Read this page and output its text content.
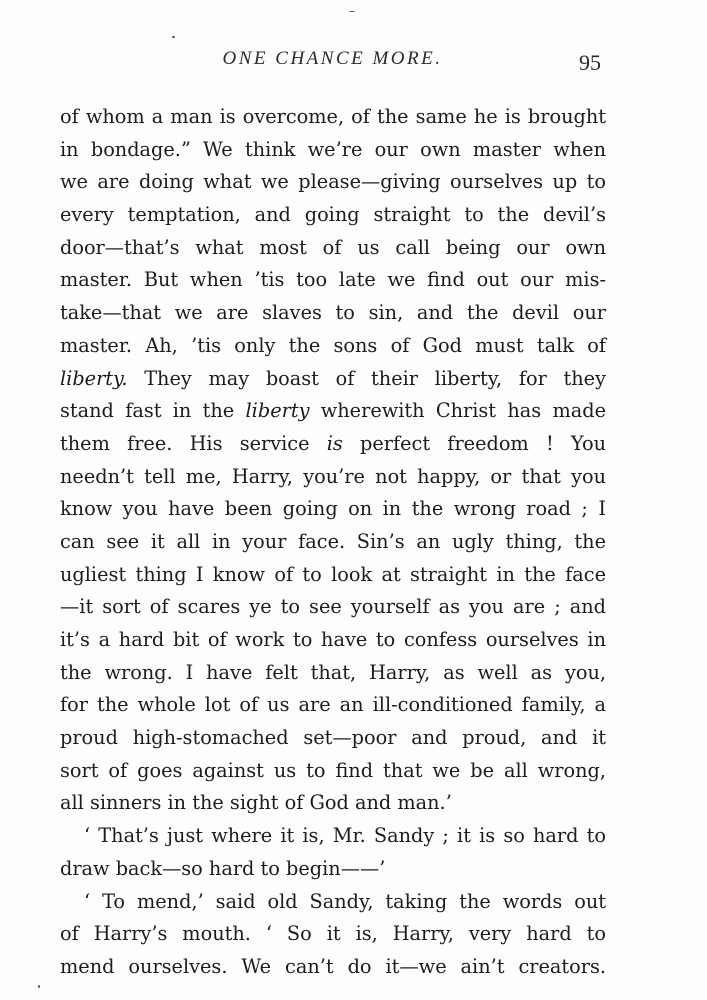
ONE CHANCE MORE.	95
of whom a man is overcome, of the same he is brought
in bondage.” We think we’re our own master when
we are doing what we please—giving ourselves up to
every temptation, and going straight to the devil’s
door—that’s what most of us call being our own
master. But when ’tis too late we find out our mis-
take—that we are slaves to sin, and the devil our
master. Ah, ’tis only the sons of God must talk of
liberty. They may boast of their liberty, for they
stand fast in the liberty wherewith Christ has made
them free. His service is perfect freedom ! You
needn’t tell me, Harry, you’re not happy, or that you
know you have been going on in the wrong road ; I
can see it all in your face. Sin’s an ugly thing, the
ugliest thing I know of to look at straight in the face
—it sort of scares ye to see yourself as you are ; and
it’s a hard bit of work to have to confess ourselves in
the wrong. I have felt that, Harry, as well as you,
for the whole lot of us are an ill-conditioned family, a
proud high-stomached set—poor and proud, and it
sort of goes against us to find that we be all wrong,
all sinners in the sight of God and man.’
‘ That’s just where it is, Mr. Sandy ; it is so hard to
draw back—so hard to begin——’
‘ To mend,’ said old Sandy, taking the words out
of Harry’s mouth. ‘ So it is, Harry, very hard to
mend ourselves. We can’t do it—we ain’t creators.
